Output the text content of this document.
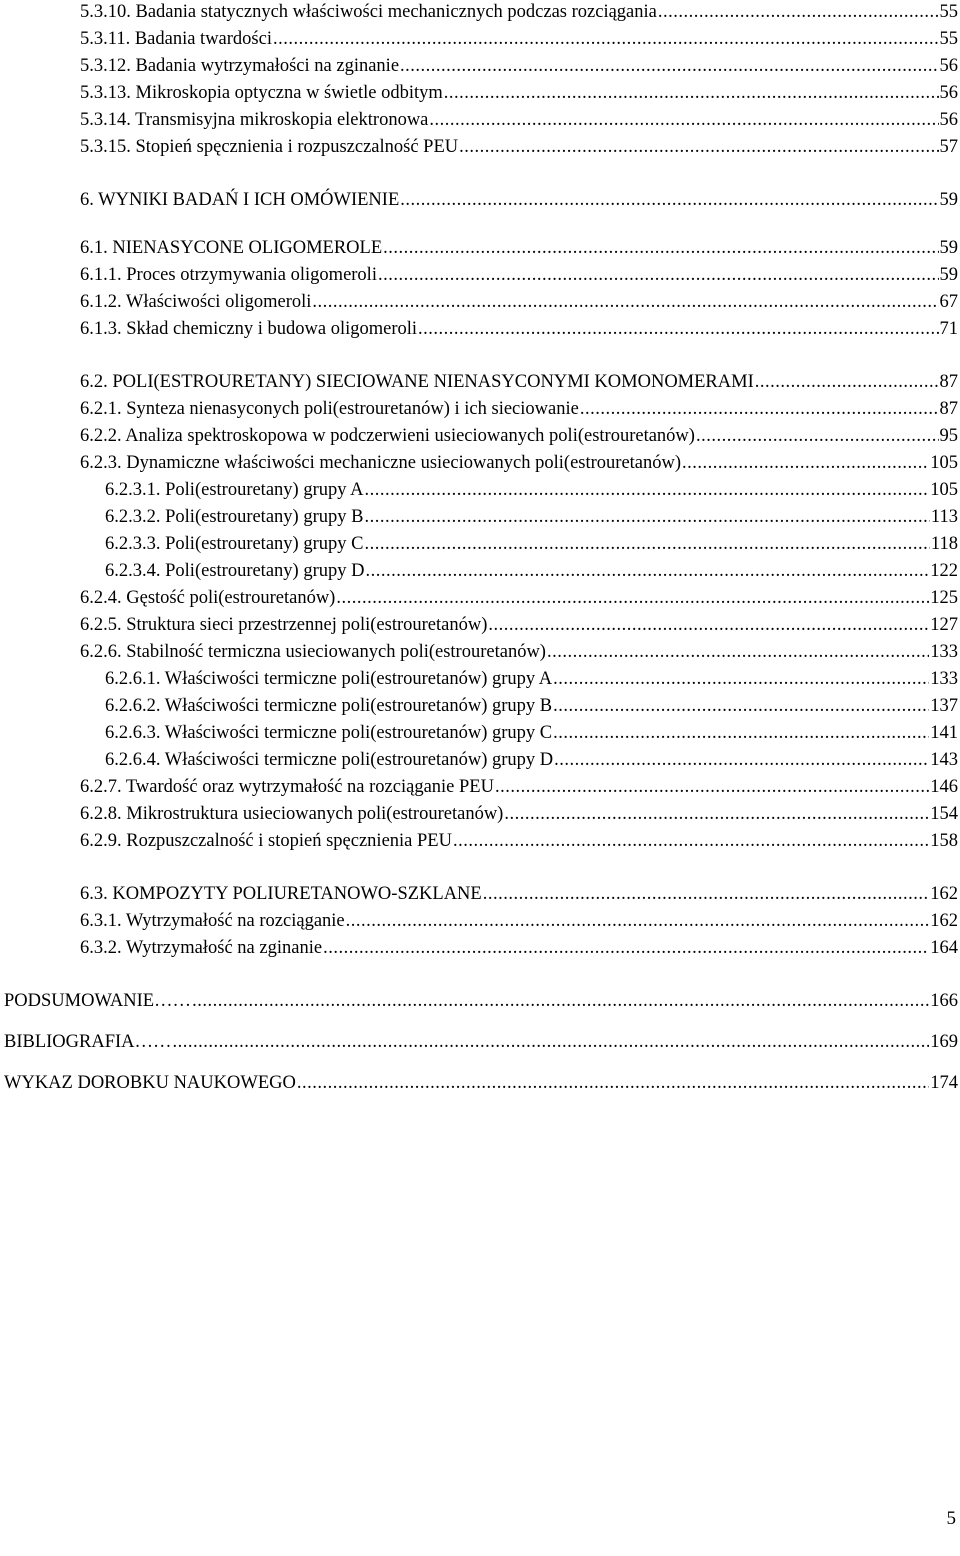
5.3.10. Badania statycznych właściwości mechanicznych podczas rozciągania .....	55
5.3.11. Badania twardości .....	55
5.3.12. Badania wytrzymałości na zginanie .....	56
5.3.13. Mikroskopia optyczna w świetle odbitym .....	56
5.3.14. Transmisyjna mikroskopia elektronowa .....	56
5.3.15. Stopień spęcznienia i rozpuszczalność PEU .....	57
6. WYNIKI BADAŃ I ICH OMÓWIENIE .....	59
6.1. NIENASYCONE OLIGOMEROLE .....	59
6.1.1. Proces otrzymywania oligomeroli .....	59
6.1.2. Właściwości oligomeroli .....	67
6.1.3. Skład chemiczny i budowa oligomeroli .....	71
6.2. POLI(ESTROURETANY) SIECIOWANE NIENASYCONYMI KOMONOMERAMI .....	87
6.2.1. Synteza nienasyconych poli(estrouretanów) i ich sieciowanie .....	87
6.2.2. Analiza spektroskopowa w podczerwieni usieciowanych poli(estrouretanów) .....	95
6.2.3. Dynamiczne właściwości mechaniczne usieciowanych poli(estrouretanów) .....	105
6.2.3.1. Poli(estrouretany) grupy A .....	105
6.2.3.2. Poli(estrouretany) grupy B .....	113
6.2.3.3. Poli(estrouretany) grupy C .....	118
6.2.3.4. Poli(estrouretany) grupy D .....	122
6.2.4. Gęstość poli(estrouretanów) .....	125
6.2.5. Struktura sieci przestrzennej poli(estrouretanów) .....	127
6.2.6. Stabilność termiczna usieciowanych poli(estrouretanów) .....	133
6.2.6.1. Właściwości termiczne poli(estrouretanów) grupy A .....	133
6.2.6.2. Właściwości termiczne poli(estrouretanów) grupy B .....	137
6.2.6.3. Właściwości termiczne poli(estrouretanów) grupy C .....	141
6.2.6.4. Właściwości termiczne poli(estrouretanów) grupy D .....	143
6.2.7. Twardość oraz wytrzymałość na rozciąganie PEU .....	146
6.2.8. Mikrostruktura usieciowanych poli(estrouretanów) .....	154
6.2.9. Rozpuszczalność i stopień spęcznienia PEU .....	158
6.3. KOMPOZYTY POLIURETANOWO-SZKLANE .....	162
6.3.1. Wytrzymałość na rozciąganie .....	162
6.3.2. Wytrzymałość na zginanie .....	164
PODSUMOWANIE…… .....	166
BIBLIOGRAFIA…… .....	169
WYKAZ DOROBKU NAUKOWEGO .....	174
5
